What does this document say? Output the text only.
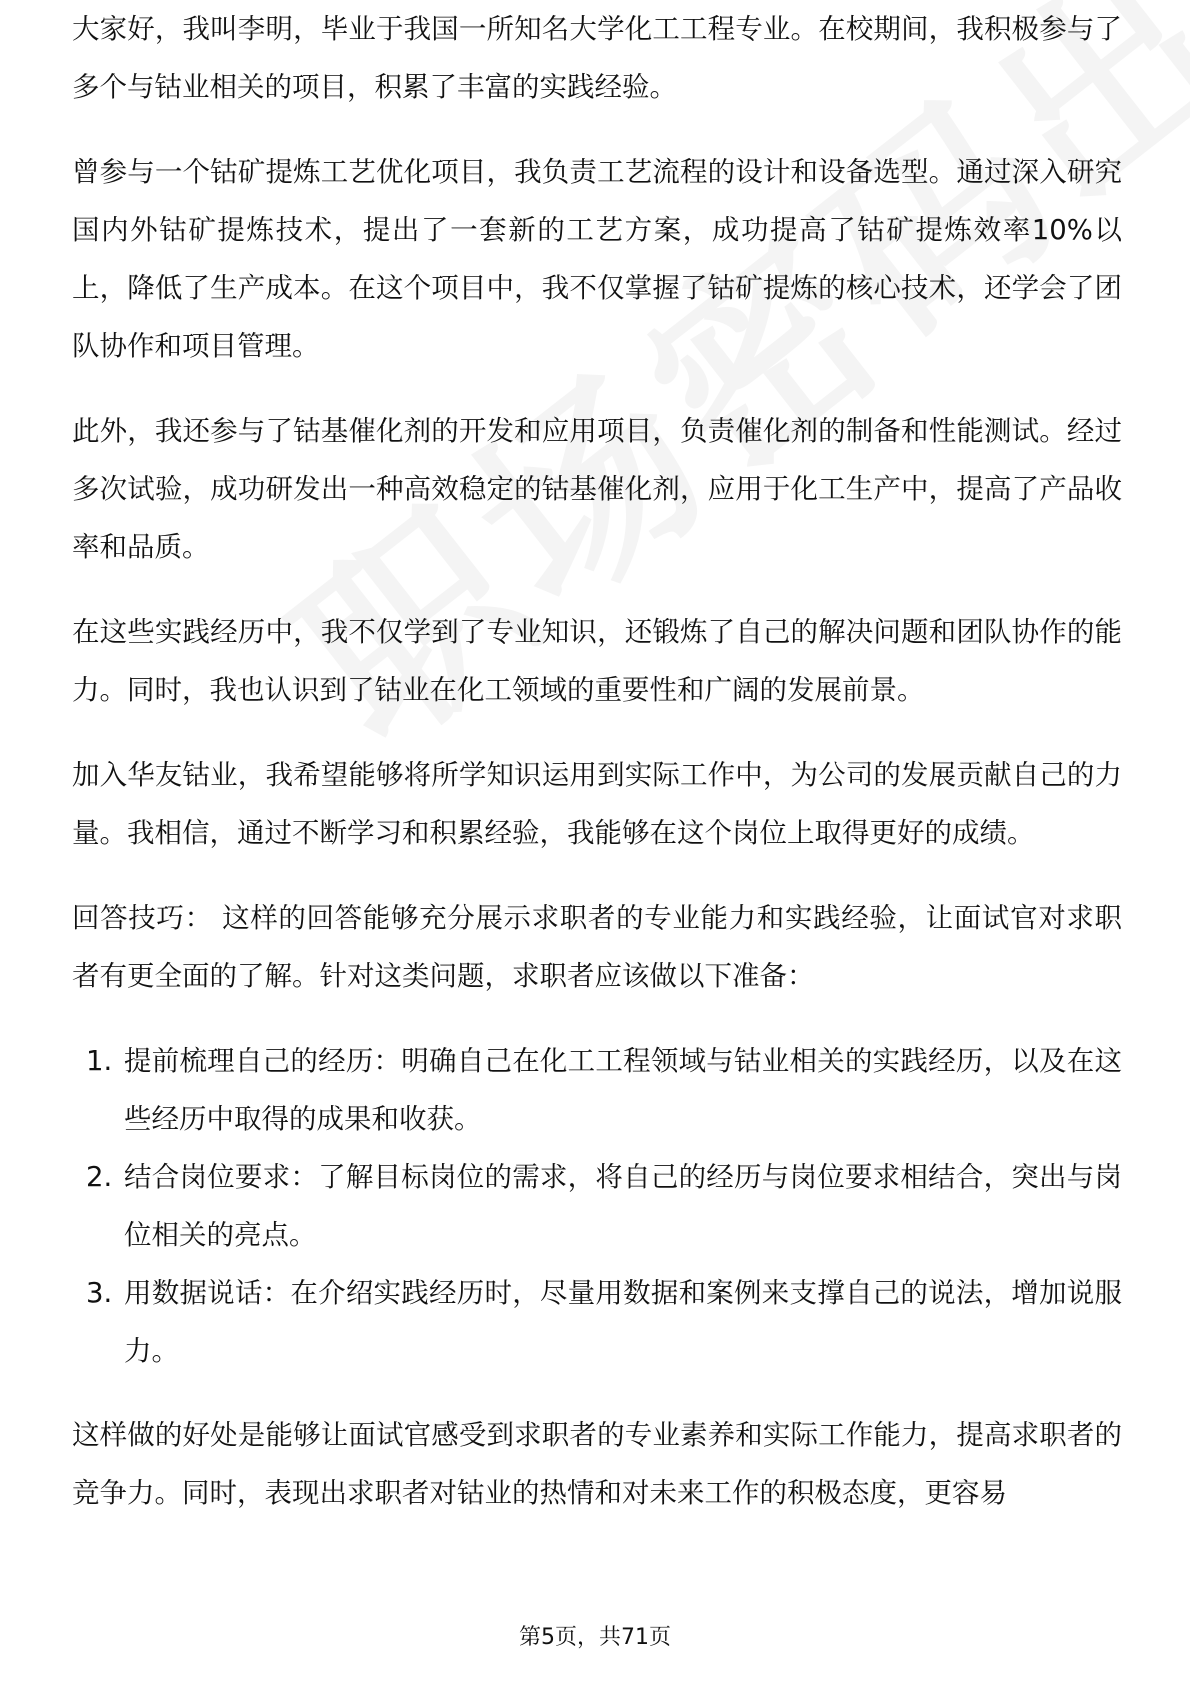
大家好，我叫李明，毕业于我国一所知名大学化工工程专业。在校期间，我积极参与了多个与钴业相关的项目，积累了丰富的实践经验。

曾参与一个钴矿提炼工艺优化项目，我负责工艺流程的设计和设备选型。通过深入研究国内外钴矿提炼技术，提出了一套新的工艺方案，成功提高了钴矿提炼效率10%以上，降低了生产成本。在这个项目中，我不仅掌握了钴矿提炼的核心技术，还学会了团队协作和项目管理。

此外，我还参与了钴基催化剂的开发和应用项目，负责催化剂的制备和性能测试。经过多次试验，成功研发出一种高效稳定的钴基催化剂，应用于化工生产中，提高了产品收率和品质。

在这些实践经历中，我不仅学到了专业知识，还锻炼了自己的解决问题和团队协作的能力。同时，我也认识到了钴业在化工领域的重要性和广阔的发展前景。

加入华友钴业，我希望能够将所学知识运用到实际工作中，为公司的发展贡献自己的力量。我相信，通过不断学习和积累经验，我能够在这个岗位上取得更好的成绩。

回答技巧： 这样的回答能够充分展示求职者的专业能力和实践经验，让面试官对求职者有更全面的了解。针对这类问题，求职者应该做以下准备：

1. 提前梳理自己的经历：明确自己在化工工程领域与钴业相关的实践经历，以及在这些经历中取得的成果和收获。
2. 结合岗位要求：了解目标岗位的需求，将自己的经历与岗位要求相结合，突出与岗位相关的亮点。
3. 用数据说话：在介绍实践经历时，尽量用数据和案例来支撑自己的说法，增加说服力。

这样做的好处是能够让面试官感受到求职者的专业素养和实际工作能力，提高求职者的竞争力。同时，表现出求职者对钴业的热情和对未来工作的积极态度，更容易

第5页，共71页
